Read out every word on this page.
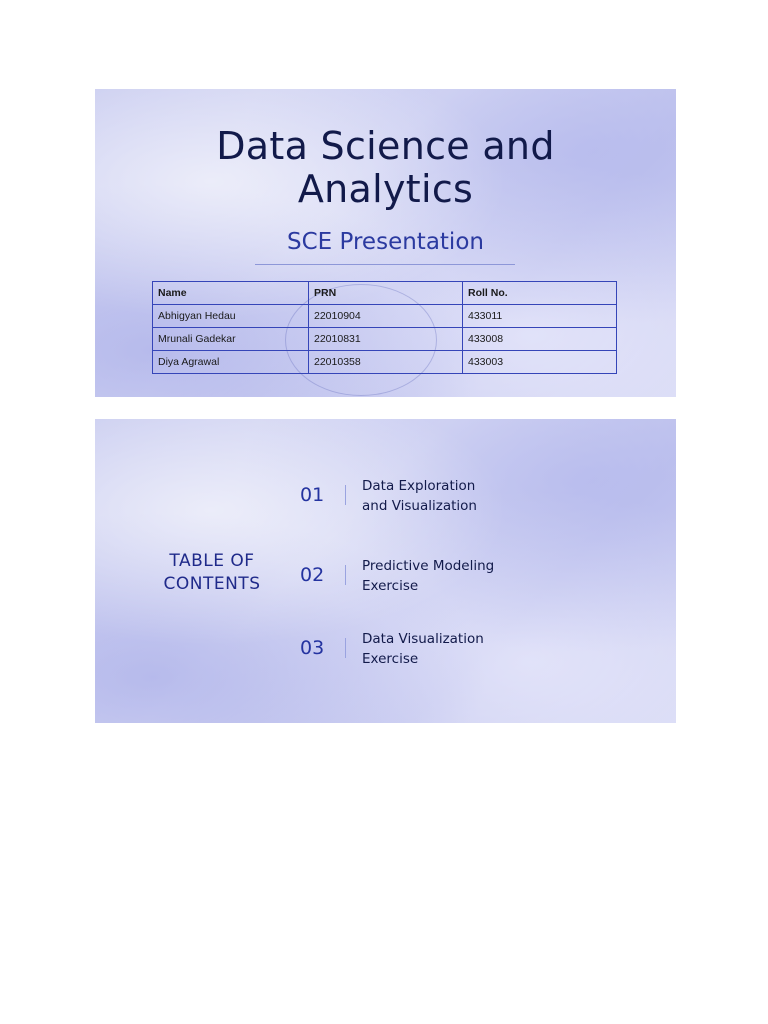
Data Science and
Analytics
SCE Presentation
Name	PRN	Roll No.
Abhigyan Hedau	22010904	433011
Mrunali Gadekar	22010831	433008
Diya Agrawal	22010358	433003
TABLE OF
CONTENTS
01	Data Exploration
and Visualization
02	Predictive Modeling
Exercise
03	Data Visualization
Exercise
